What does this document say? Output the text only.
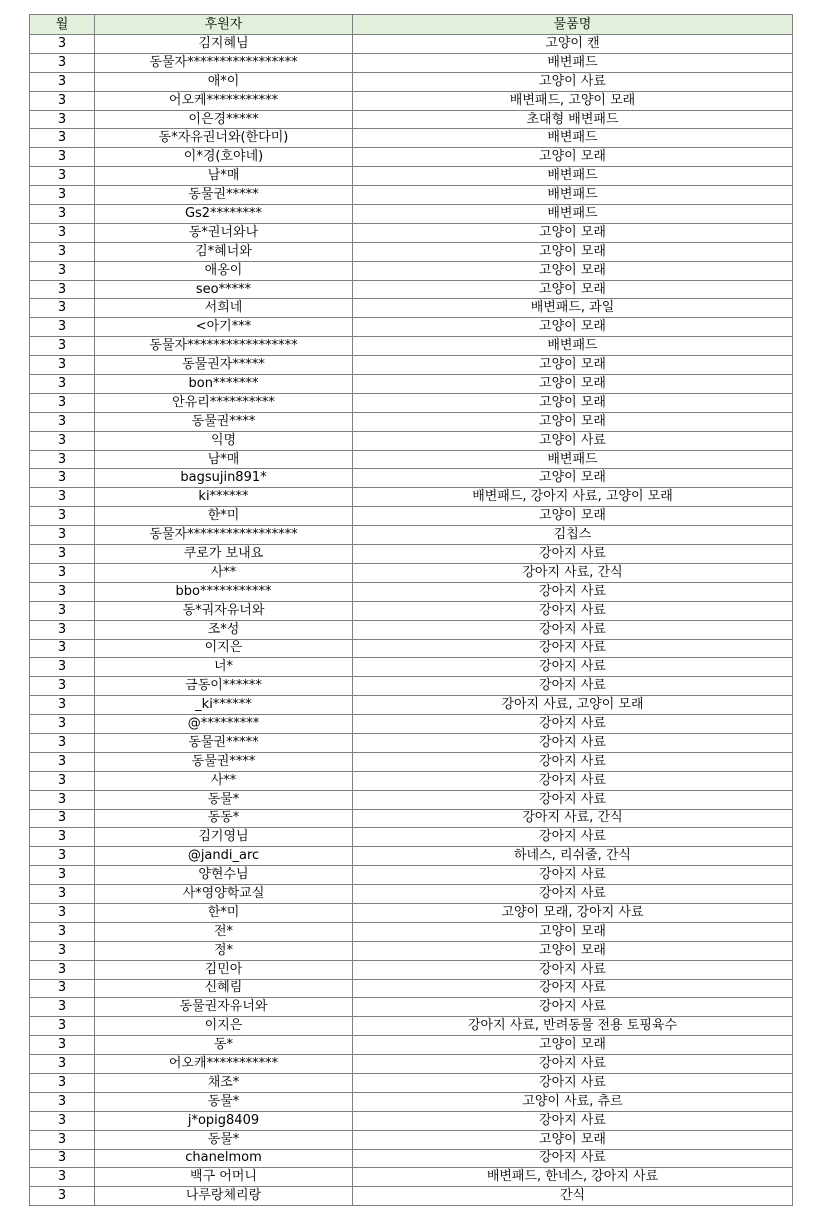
월	후원자	물품명
3	김지혜님	고양이 캔
3	동물자*****************	배변패드
3	애*이	고양이 사료
3	어오케***********	배변패드, 고양이 모래
3	이은경*****	초대형 배변패드
3	동*자유권너와(한다미)	배변패드
3	이*경(호야네)	고양이 모래
3	남*매	배변패드
3	동물권*****	배변패드
3	Gs2********	배변패드
3	동*권너와나	고양이 모래
3	김*혜너와	고양이 모래
3	애옹이	고양이 모래
3	seo*****	고양이 모래
3	서희네	배변패드, 과일
3	<아기***	고양이 모래
3	동물자*****************	배변패드
3	동물권자*****	고양이 모래
3	bon*******	고양이 모래
3	안유리**********	고양이 모래
3	동물권****	고양이 모래
3	익명	고양이 사료
3	남*매	배변패드
3	bagsujin891*	고양이 모래
3	ki******	배변패드, 강아지 사료, 고양이 모래
3	한*미	고양이 모래
3	동물자*****************	김칩스
3	쿠로가 보내요	강아지 사료
3	사**	강아지 사료, 간식
3	bbo***********	강아지 사료
3	동*궈자유너와	강아지 사료
3	조*성	강아지 사료
3	이지은	강아지 사료
3	너*	강아지 사료
3	금동이******	강아지 사료
3	_ki******	강아지 사료, 고양이 모래
3	@*********	강아지 사료
3	동물권*****	강아지 사료
3	동물권****	강아지 사료
3	사**	강아지 사료
3	동물*	강아지 사료
3	동동*	강아지 사료, 간식
3	김기영님	강아지 사료
3	@jandi_arc	하네스, 리쉬줄, 간식
3	양현수님	강아지 사료
3	사*영양학교실	강아지 사료
3	한*미	고양이 모래, 강아지 사료
3	전*	고양이 모래
3	정*	고양이 모래
3	김민아	강아지 사료
3	신혜림	강아지 사료
3	동물권자유너와	강아지 사료
3	이지은	강아지 사료, 반려동물 전용 토핑육수
3	동*	고양이 모래
3	어오캐***********	강아지 사료
3	채조*	강아지 사료
3	동물*	고양이 사료, 츄르
3	j*opig8409	강아지 사료
3	동물*	고양이 모래
3	chanelmom	강아지 사료
3	백구 어머니	배변패드, 한네스, 강아지 사료
3	나루랑체리랑	간식
